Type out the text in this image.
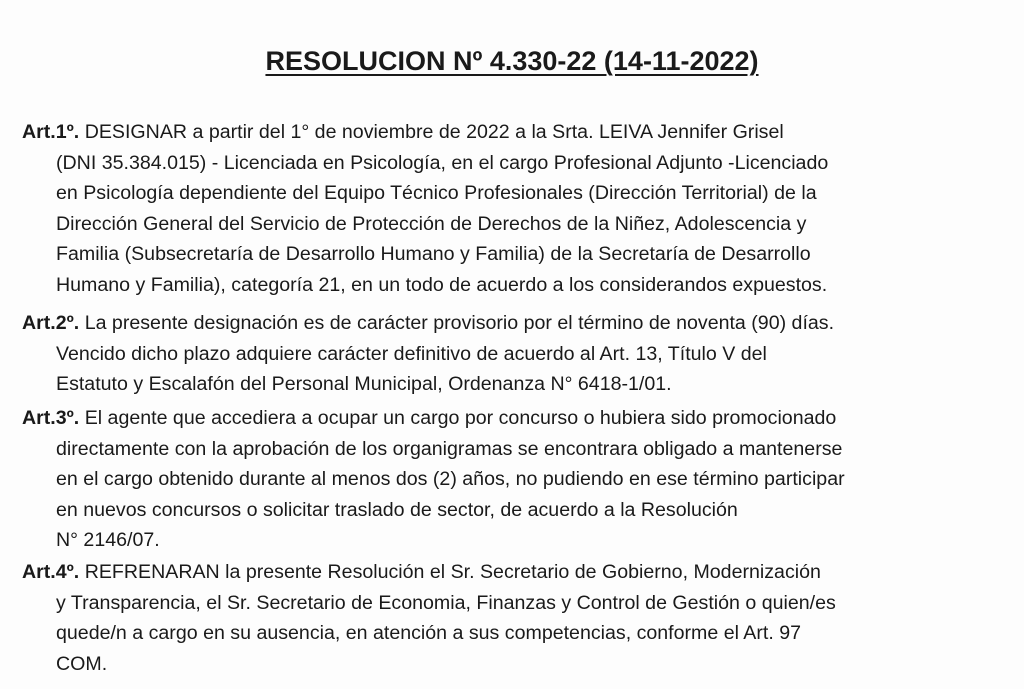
RESOLUCION Nº 4.330-22 (14-11-2022)
Art.1º. DESIGNAR a partir del 1° de noviembre de 2022 a la Srta. LEIVA Jennifer Grisel
(DNI 35.384.015) - Licenciada en Psicología, en el cargo Profesional Adjunto -Licenciado
en Psicología dependiente del Equipo Técnico Profesionales (Dirección Territorial) de la
Dirección General del Servicio de Protección de Derechos de la Niñez, Adolescencia y
Familia (Subsecretaría de Desarrollo Humano y Familia) de la Secretaría de Desarrollo
Humano y Familia), categoría 21, en un todo de acuerdo a los considerandos expuestos.
Art.2º. La presente designación es de carácter provisorio por el término de noventa (90) días.
Vencido dicho plazo adquiere carácter definitivo de acuerdo al Art. 13, Título V del
Estatuto y Escalafón del Personal Municipal, Ordenanza N° 6418-1/01.
Art.3º. El agente que accediera a ocupar un cargo por concurso o hubiera sido promocionado
directamente con la aprobación de los organigramas se encontrara obligado a mantenerse
en el cargo obtenido durante al menos dos (2) años, no pudiendo en ese término participar
en nuevos concursos o solicitar traslado de sector, de acuerdo a la Resolución
N° 2146/07.
Art.4º. REFRENARAN la presente Resolución el Sr. Secretario de Gobierno, Modernización
y Transparencia, el Sr. Secretario de Economia, Finanzas y Control de Gestión o quien/es
quede/n a cargo en su ausencia, en atención a sus competencias, conforme el Art. 97
COM.
